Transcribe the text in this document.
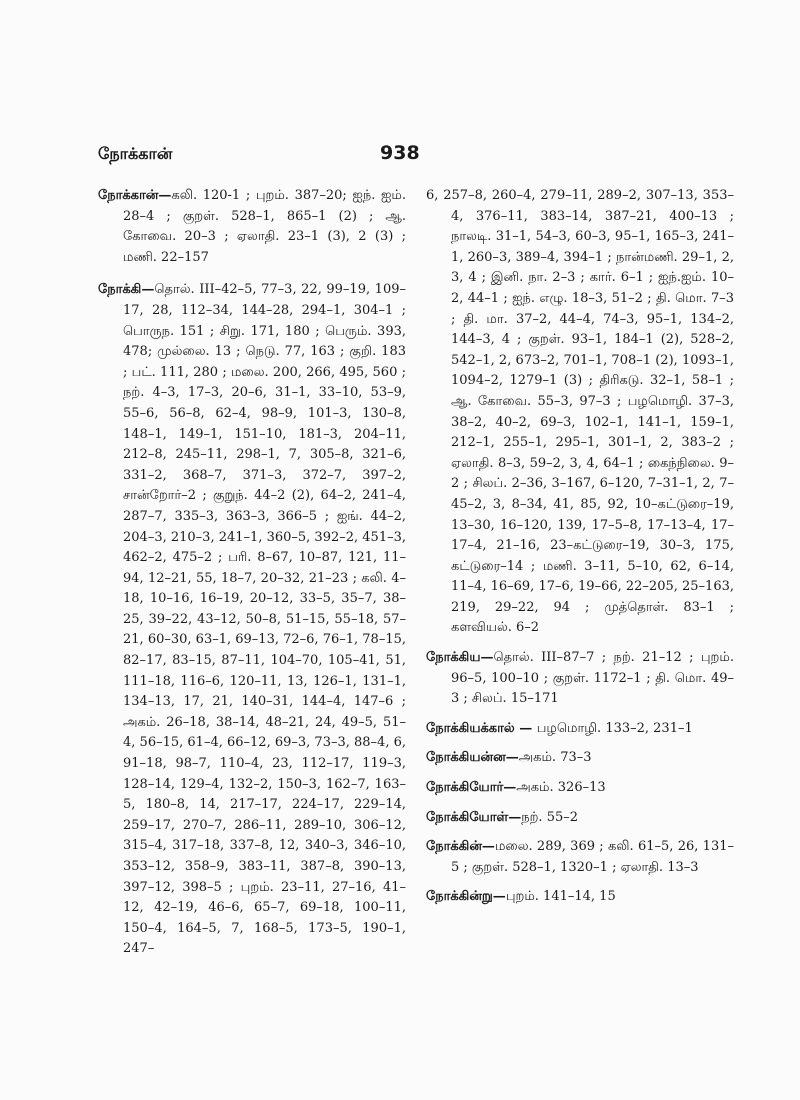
நோக்கான்	938

நோக்கான்—கலி. 120-1 ; புறம். 387–20; ஐந். ஐம். 28–4 ; குறள். 528–1, 865–1 (2) ; ஆ. கோவை. 20–3 ; ஏலாதி. 23–1 (3), 2 (3) ; மணி. 22–157

நோக்கி—தொல். III–42–5, 77–3, 22, 99–19, 109–17, 28, 112–34, 144–28, 294–1, 304–1 ; பொருந. 151 ; சிறு. 171, 180 ; பெரும். 393, 478; முல்லை. 13 ; நெடு. 77, 163 ; குறி. 183 ; பட். 111, 280 ; மலை. 200, 266, 495, 560 ; நற். 4–3, 17–3, 20–6, 31–1, 33–10, 53–9, 55–6, 56–8, 62–4, 98–9, 101–3, 130–8, 148–1, 149–1, 151–10, 181–3, 204–11, 212–8, 245–11, 298–1, 7, 305–8, 321–6, 331–2, 368–7, 371–3, 372–7, 397–2, சான்றோர்–2 ; குறுந். 44–2 (2), 64–2, 241–4, 287–7, 335–3, 363–3, 366–5 ; ஐங். 44–2, 204–3, 210–3, 241–1, 360–5, 392–2, 451–3, 462–2, 475–2 ; பரி. 8–67, 10–87, 121, 11–94, 12–21, 55, 18–7, 20–32, 21–23 ; கலி. 4–18, 10–16, 16–19, 20–12, 33–5, 35–7, 38–25, 39–22, 43–12, 50–8, 51–15, 55–18, 57–21, 60–30, 63–1, 69–13, 72–6, 76–1, 78–15, 82–17, 83–15, 87–11, 104–70, 105–41, 51, 111–18, 116–6, 120–11, 13, 126–1, 131–1, 134–13, 17, 21, 140–31, 144–4, 147–6 ; அகம். 26–18, 38–14, 48–21, 24, 49–5, 51–4, 56–15, 61–4, 66–12, 69–3, 73–3, 88–4, 6, 91–18, 98–7, 110–4, 23, 112–17, 119–3, 128–14, 129–4, 132–2, 150–3, 162–7, 163–5, 180–8, 14, 217–17, 224–17, 229–14, 259–17, 270–7, 286–11, 289–10, 306–12, 315–4, 317–18, 337–8, 12, 340–3, 346–10, 353–12, 358–9, 383–11, 387–8, 390–13, 397–12, 398–5 ; புறம். 23–11, 27–16, 41–12, 42–19, 46–6, 65–7, 69–18, 100–11, 150–4, 164–5, 7, 168–5, 173–5, 190–1, 247–

6, 257–8, 260–4, 279–11, 289–2, 307–13, 353–4, 376–11, 383–14, 387–21, 400–13 ; நாலடி. 31–1, 54–3, 60–3, 95–1, 165–3, 241–1, 260–3, 389–4, 394–1 ; நான்மணி. 29–1, 2, 3, 4 ; இனி. நா. 2–3 ; கார். 6–1 ; ஐந்.ஐம். 10–2, 44–1 ; ஐந். எழு. 18–3, 51–2 ; தி. மொ. 7–3 ; தி. மா. 37–2, 44–4, 74–3, 95–1, 134–2, 144–3, 4 ; குறள். 93–1, 184–1 (2), 528–2, 542–1, 2, 673–2, 701–1, 708–1 (2), 1093–1, 1094–2, 1279–1 (3) ; திரிகடு. 32–1, 58–1 ; ஆ. கோவை. 55–3, 97–3 ; பழமொழி. 37–3, 38–2, 40–2, 69–3, 102–1, 141–1, 159–1, 212–1, 255–1, 295–1, 301–1, 2, 383–2 ; ஏலாதி. 8–3, 59–2, 3, 4, 64–1 ; கைந்நிலை. 9–2 ; சிலப். 2–36, 3–167, 6–120, 7–31–1, 2, 7–45–2, 3, 8–34, 41, 85, 92, 10–கட்டுரை–19, 13–30, 16–120, 139, 17–5–8, 17–13–4, 17–17–4, 21–16, 23–கட்டுரை–19, 30–3, 175, கட்டுரை–14 ; மணி. 3–11, 5–10, 62, 6–14, 11–4, 16–69, 17–6, 19–66, 22–205, 25–163, 219, 29–22, 94 ; முத்தொள். 83–1 ; களவியல். 6–2

நோக்கிய—தொல். III–87–7 ; நற். 21–12 ; புறம். 96–5, 100–10 ; குறள். 1172–1 ; தி. மொ. 49–3 ; சிலப். 15–171

நோக்கியக்கால் — பழமொழி. 133–2, 231–1

நோக்கியன்ன—அகம். 73–3

நோக்கியோர்—அகம். 326–13

நோக்கியோள்—நற். 55–2

நோக்கின்—மலை. 289, 369 ; கலி. 61–5, 26, 131–5 ; குறள். 528–1, 1320–1 ; ஏலாதி. 13–3

நோக்கின்று—புறம். 141–14, 15
